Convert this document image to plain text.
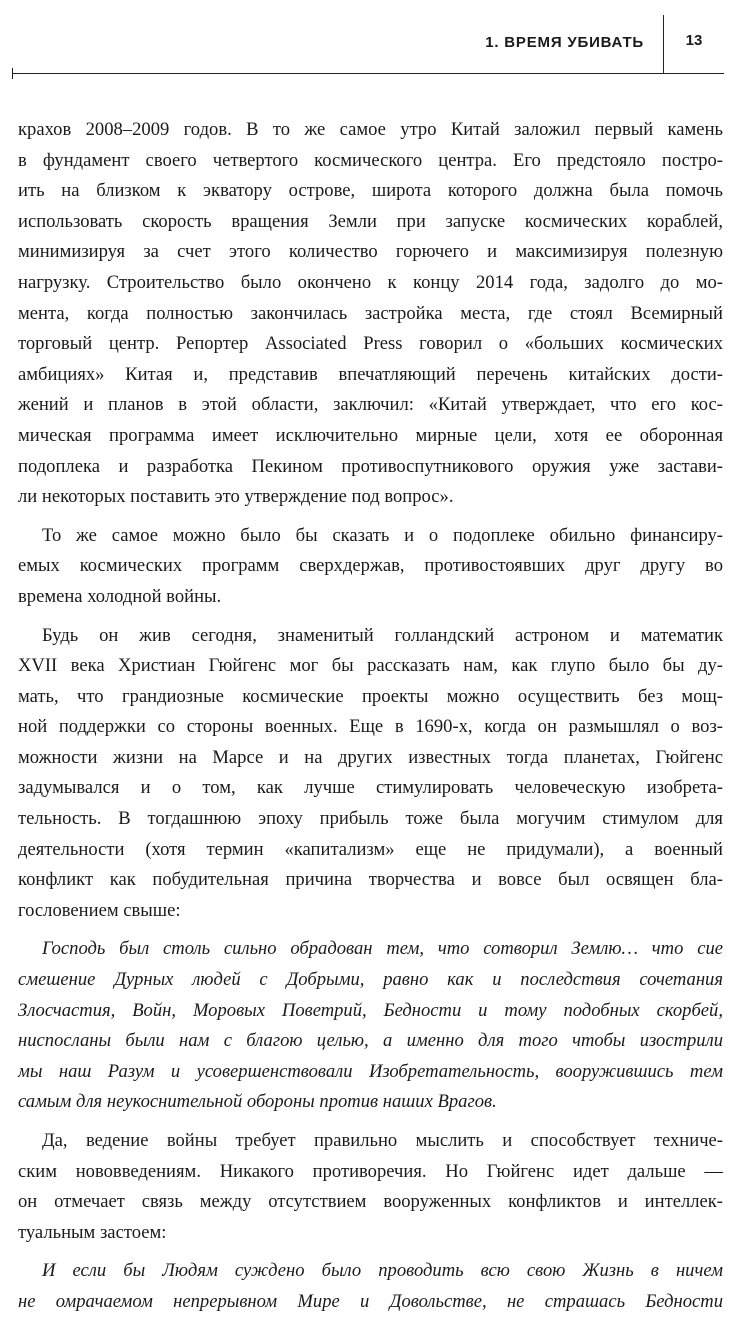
1. ВРЕМЯ УБИВАТЬ	13

крахов 2008–2009 годов. В то же самое утро Китай заложил первый камень
в фундамент своего четвертого космического центра. Его предстояло постро-
ить на близком к экватору острове, широта которого должна была помочь
использовать скорость вращения Земли при запуске космических кораблей,
минимизируя за счет этого количество горючего и максимизируя полезную
нагрузку. Строительство было окончено к концу 2014 года, задолго до мо-
мента, когда полностью закончилась застройка места, где стоял Всемирный
торговый центр. Репортер Associated Press говорил о «больших космических
амбициях» Китая и, представив впечатляющий перечень китайских дости-
жений и планов в этой области, заключил: «Китай утверждает, что его кос-
мическая программа имеет исключительно мирные цели, хотя ее оборонная
подоплека и разработка Пекином противоспутникового оружия уже застави-
ли некоторых поставить это утверждение под вопрос».

То же самое можно было бы сказать и о подоплеке обильно финансиру-
емых космических программ сверхдержав, противостоявших друг другу во
времена холодной войны.

Будь он жив сегодня, знаменитый голландский астроном и математик
XVII века Христиан Гюйгенс мог бы рассказать нам, как глупо было бы ду-
мать, что грандиозные космические проекты можно осуществить без мощ-
ной поддержки со стороны военных. Еще в 1690-х, когда он размышлял о воз-
можности жизни на Марсе и на других известных тогда планетах, Гюйгенс
задумывался и о том, как лучше стимулировать человеческую изобрета-
тельность. В тогдашнюю эпоху прибыль тоже была могучим стимулом для
деятельности (хотя термин «капитализм» еще не придумали), а военный
конфликт как побудительная причина творчества и вовсе был освящен бла-
гословением свыше:

Господь был столь сильно обрадован тем, что сотворил Землю… что сие
смешение Дурных людей с Добрыми, равно как и последствия сочетания
Злосчастия, Войн, Моровых Поветрий, Бедности и тому подобных скорбей,
ниспосланы были нам с благою целью, а именно для того чтобы изострили
мы наш Разум и усовершенствовали Изобретательность, вооружившись тем
самым для неукоснительной обороны против наших Врагов.

Да, ведение войны требует правильно мыслить и способствует техниче-
ским нововведениям. Никакого противоречия. Но Гюйгенс идет дальше —
он отмечает связь между отсутствием вооруженных конфликтов и интеллек-
туальным застоем:

И если бы Людям суждено было проводить всю свою Жизнь в ничем
не омрачаемом непрерывном Мире и Довольстве, не страшась Бедности
